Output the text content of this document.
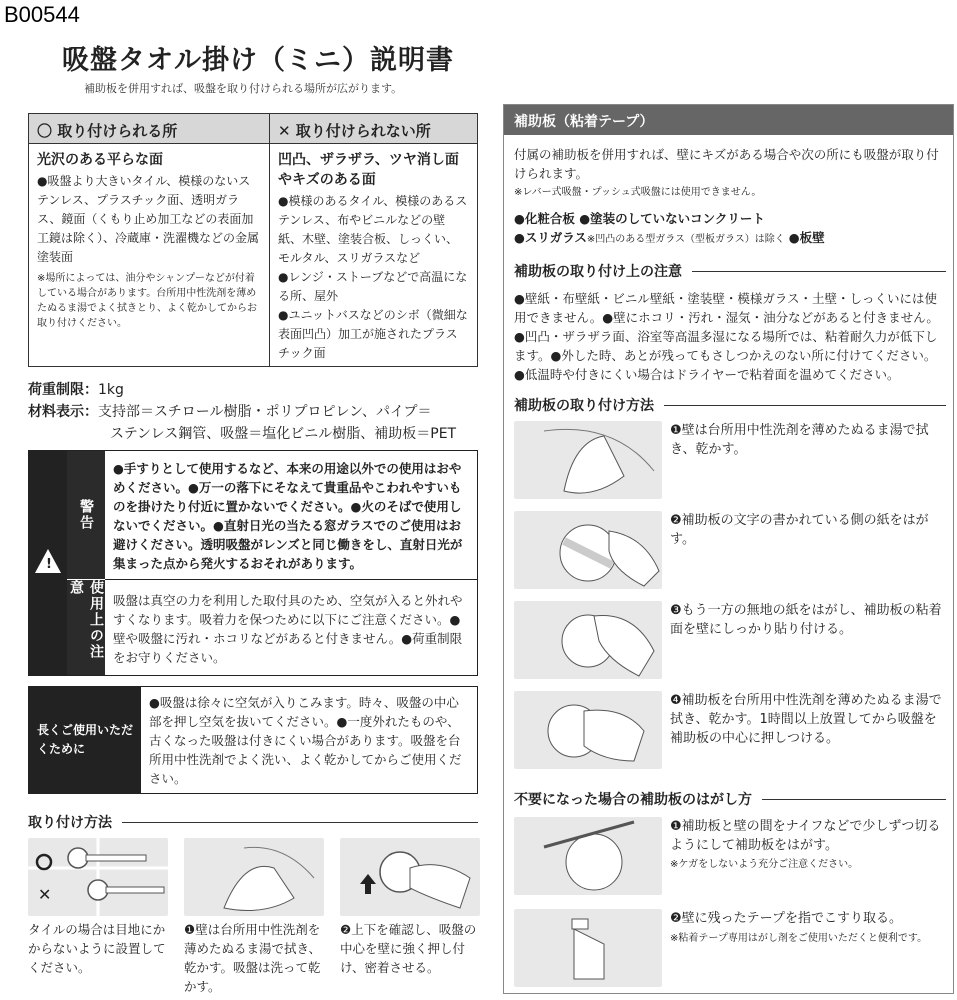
B00544
吸盤タオル掛け（ミニ）説明書
補助板を併用すれば、吸盤を取り付けられる場所が広がります。
〇 取り付けられる所	✕ 取り付けられない所
光沢のある平らな面
●吸盤より大きいタイル、模様のないステンレス、プラスチック面、透明ガラス、鏡面（くもり止め加工などの表面加工鏡は除く）、冷蔵庫・洗濯機などの金属塗装面
※場所によっては、油分やシャンプーなどが付着している場合があります。台所用中性洗剤を薄めたぬるま湯でよく拭きとり、よく乾かしてからお取り付けください。
凹凸、ザラザラ、ツヤ消し面やキズのある面
●模様のあるタイル、模様のあるステンレス、布やビニルなどの壁紙、木壁、塗装合板、しっくい、モルタル、スリガラスなど
●レンジ・ストーブなどで高温になる所、屋外
●ユニットバスなどのシボ（微細な表面凹凸）加工が施されたプラスチック面
荷重制限：1kg
材料表示：支持部＝スチロール樹脂・ポリプロピレン、パイプ＝
ステンレス鋼管、吸盤＝塩化ビニル樹脂、補助板＝PET
!
警告
使用上の注意
●手すりとして使用するなど、本来の用途以外での使用はおやめください。●万一の落下にそなえて貴重品やこわれやすいものを掛けたり付近に置かないでください。●火のそばで使用しないでください。●直射日光の当たる窓ガラスでのご使用はお避けください。透明吸盤がレンズと同じ働きをし、直射日光が集まった点から発火するおそれがあります。
吸盤は真空の力を利用した取付具のため、空気が入ると外れやすくなります。吸着力を保つために以下にご注意ください。●壁や吸盤に汚れ・ホコリなどがあると付きません。●荷重制限をお守りください。
長くご使用いただくために
●吸盤は徐々に空気が入りこみます。時々、吸盤の中心部を押し空気を抜いてください。●一度外れたものや、古くなった吸盤は付きにくい場合があります。吸盤を台所用中性洗剤でよく洗い、よく乾かしてからご使用ください。
取り付け方法
✕
タイルの場合は目地にかからないように設置してください。
❶壁は台所用中性洗剤を薄めたぬるま湯で拭き、乾かす。吸盤は洗って乾かす。
❷上下を確認し、吸盤の中心を壁に強く押し付け、密着させる。
補助板（粘着テープ）
付属の補助板を併用すれば、壁にキズがある場合や次の所にも吸盤が取り付けられます。
※レバー式吸盤・プッシュ式吸盤には使用できません。
●化粧合板 ●塗装のしていないコンクリート
●スリガラス※凹凸のある型ガラス（型板ガラス）は除く ●板壁
補助板の取り付け上の注意
●壁紙・布壁紙・ビニル壁紙・塗装壁・模様ガラス・土壁・しっくいには使用できません。●壁にホコリ・汚れ・湿気・油分などがあると付きません。●凹凸・ザラザラ面、浴室等高温多湿になる場所では、粘着耐久力が低下します。●外した時、あとが残ってもさしつかえのない所に付けてください。●低温時や付きにくい場合はドライヤーで粘着面を温めてください。
補助板の取り付け方法
❶壁は台所用中性洗剤を薄めたぬるま湯で拭き、乾かす。
❷補助板の文字の書かれている側の紙をはがす。
❸もう一方の無地の紙をはがし、補助板の粘着面を壁にしっかり貼り付ける。
❹補助板を台所用中性洗剤を薄めたぬるま湯で拭き、乾かす。1時間以上放置してから吸盤を補助板の中心に押しつける。
不要になった場合の補助板のはがし方
❶補助板と壁の間をナイフなどで少しずつ切るようにして補助板をはがす。
※ケガをしないよう充分ご注意ください。
❷壁に残ったテープを指でこすり取る。
※粘着テープ専用はがし剤をご使用いただくと便利です。
